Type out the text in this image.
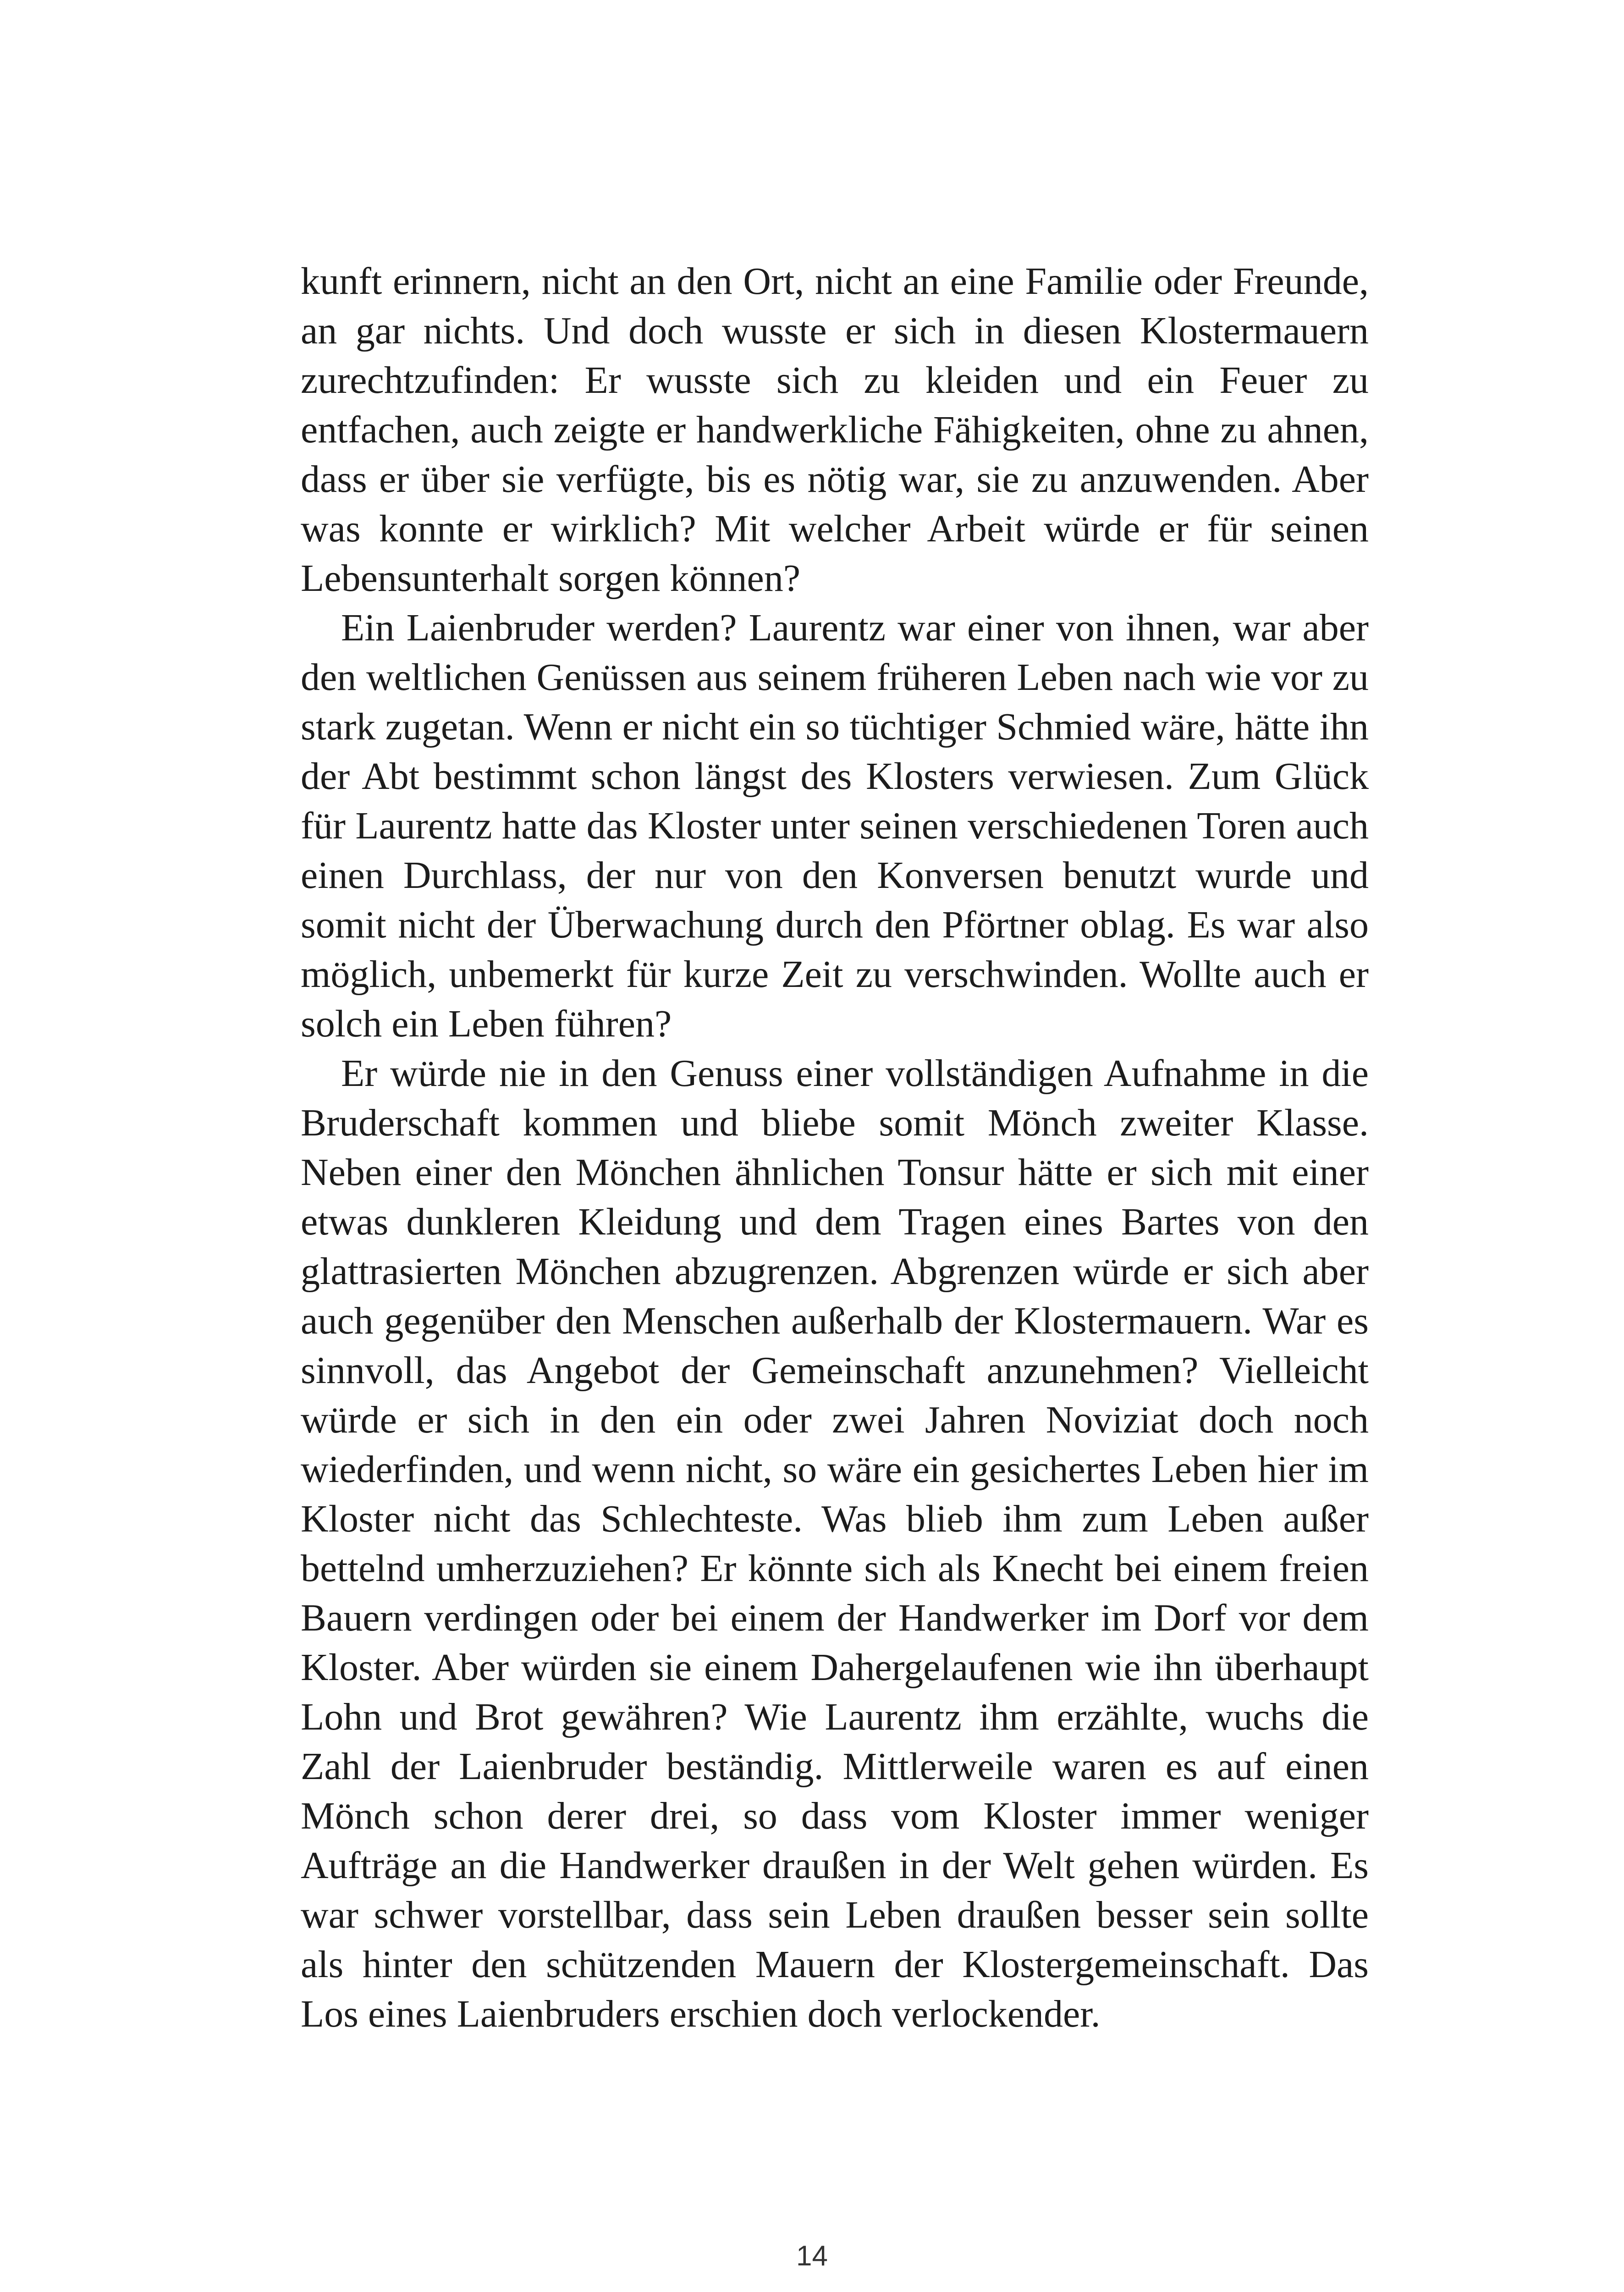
kunft erinnern, nicht an den Ort, nicht an eine Familie oder Freunde, an gar nichts. Und doch wusste er sich in diesen Klostermauern zurechtzufinden: Er wusste sich zu kleiden und ein Feuer zu entfachen, auch zeigte er handwerkliche Fähigkeiten, ohne zu ahnen, dass er über sie verfügte, bis es nötig war, sie zu anzuwenden. Aber was konnte er wirklich? Mit welcher Arbeit würde er für seinen Lebensunterhalt sorgen können?

Ein Laienbruder werden? Laurentz war einer von ihnen, war aber den weltlichen Genüssen aus seinem früheren Leben nach wie vor zu stark zugetan. Wenn er nicht ein so tüchtiger Schmied wäre, hätte ihn der Abt bestimmt schon längst des Klosters verwiesen. Zum Glück für Laurentz hatte das Kloster unter seinen verschiedenen Toren auch einen Durchlass, der nur von den Konversen benutzt wurde und somit nicht der Überwachung durch den Pförtner oblag. Es war also möglich, unbemerkt für kurze Zeit zu verschwinden. Wollte auch er solch ein Leben führen?

Er würde nie in den Genuss einer vollständigen Aufnahme in die Bruderschaft kommen und bliebe somit Mönch zweiter Klasse. Neben einer den Mönchen ähnlichen Tonsur hätte er sich mit einer etwas dunkleren Kleidung und dem Tragen eines Bartes von den glattrasierten Mönchen abzugrenzen. Abgrenzen würde er sich aber auch gegenüber den Menschen außerhalb der Klostermauern. War es sinnvoll, das Angebot der Gemeinschaft anzunehmen? Vielleicht würde er sich in den ein oder zwei Jahren Noviziat doch noch wiederfinden, und wenn nicht, so wäre ein gesichertes Leben hier im Kloster nicht das Schlechteste. Was blieb ihm zum Leben außer bettelnd umherzuziehen? Er könnte sich als Knecht bei einem freien Bauern verdingen oder bei einem der Handwerker im Dorf vor dem Kloster. Aber würden sie einem Dahergelaufenen wie ihn überhaupt Lohn und Brot gewähren? Wie Laurentz ihm erzählte, wuchs die Zahl der Laienbruder beständig. Mittlerweile waren es auf einen Mönch schon derer drei, so dass vom Kloster immer weniger Aufträge an die Handwerker draußen in der Welt gehen würden. Es war schwer vorstellbar, dass sein Leben draußen besser sein sollte als hinter den schützenden Mauern der Klostergemeinschaft. Das Los eines Laienbruders erschien doch verlockender.

14
